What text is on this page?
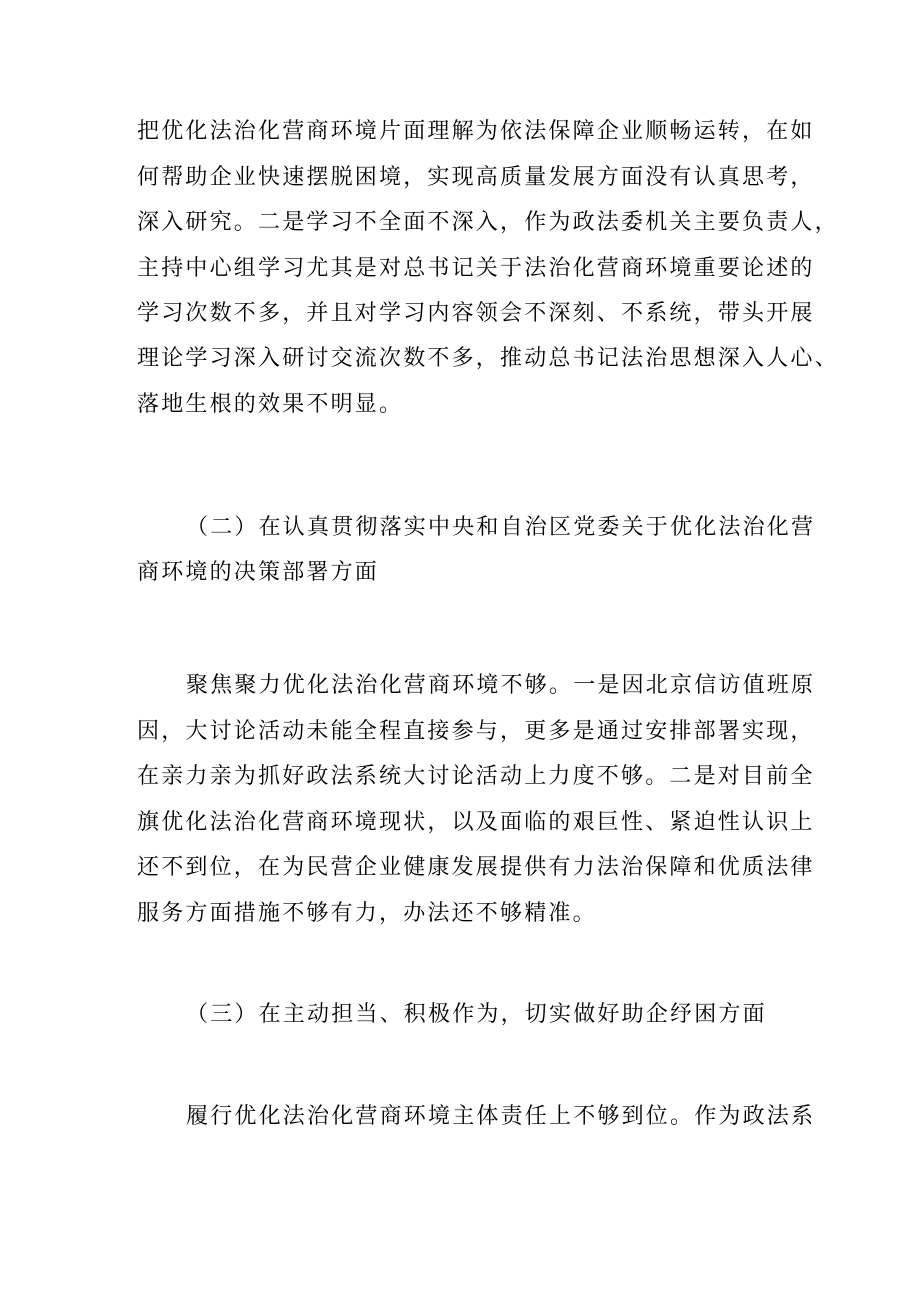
把优化法治化营商环境片面理解为依法保障企业顺畅运转，在如
何帮助企业快速摆脱困境，实现高质量发展方面没有认真思考，
深入研究。二是学习不全面不深入，作为政法委机关主要负责人，
主持中心组学习尤其是对总书记关于法治化营商环境重要论述的
学习次数不多，并且对学习内容领会不深刻、不系统，带头开展
理论学习深入研讨交流次数不多，推动总书记法治思想深入人心、
落地生根的效果不明显。
（二）在认真贯彻落实中央和自治区党委关于优化法治化营
商环境的决策部署方面
聚焦聚力优化法治化营商环境不够。一是因北京信访值班原
因，大讨论活动未能全程直接参与，更多是通过安排部署实现，
在亲力亲为抓好政法系统大讨论活动上力度不够。二是对目前全
旗优化法治化营商环境现状，以及面临的艰巨性、紧迫性认识上
还不到位，在为民营企业健康发展提供有力法治保障和优质法律
服务方面措施不够有力，办法还不够精准。
（三）在主动担当、积极作为，切实做好助企纾困方面
履行优化法治化营商环境主体责任上不够到位。作为政法系
